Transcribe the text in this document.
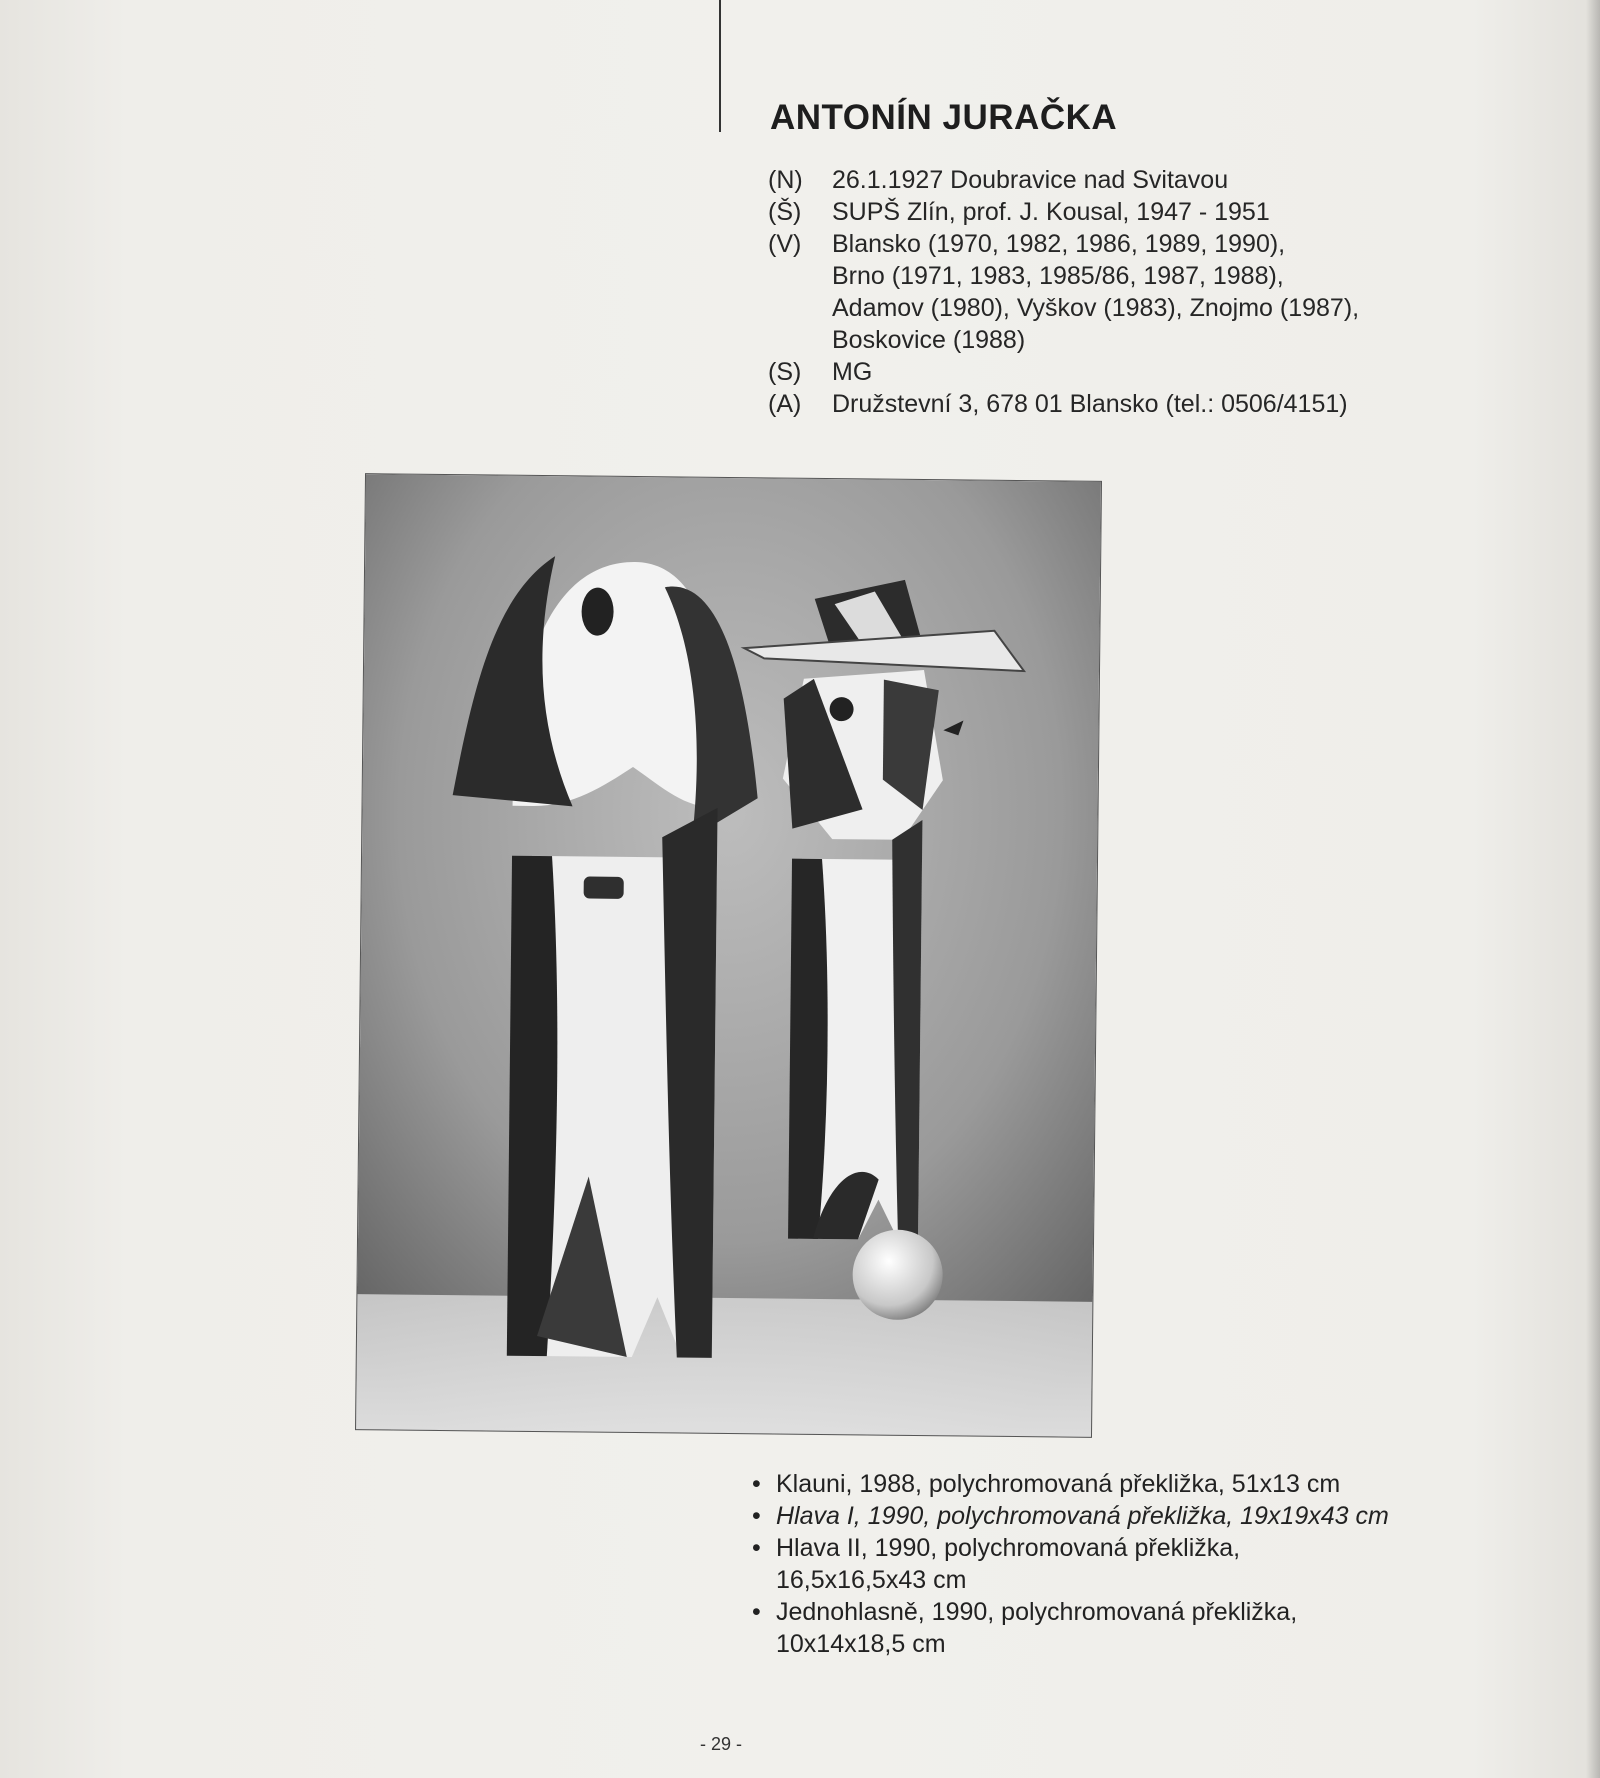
ANTONÍN JURAČKA
(N)	26.1.1927 Doubravice nad Svitavou
(Š)	SUPŠ Zlín, prof. J. Kousal, 1947 - 1951
(V)	Blansko (1970, 1982, 1986, 1989, 1990),
Brno (1971, 1983, 1985/86, 1987, 1988),
Adamov (1980), Vyškov (1983), Znojmo (1987),
Boskovice (1988)
(S)	MG
(A)	Družstevní 3, 678 01 Blansko (tel.: 0506/4151)
• Klauni, 1988, polychromovaná překližka, 51x13 cm
• Hlava I, 1990, polychromovaná překližka, 19x19x43 cm
• Hlava II, 1990, polychromovaná překližka,
16,5x16,5x43 cm
• Jednohlasně, 1990, polychromovaná překližka,
10x14x18,5 cm
- 29 -
